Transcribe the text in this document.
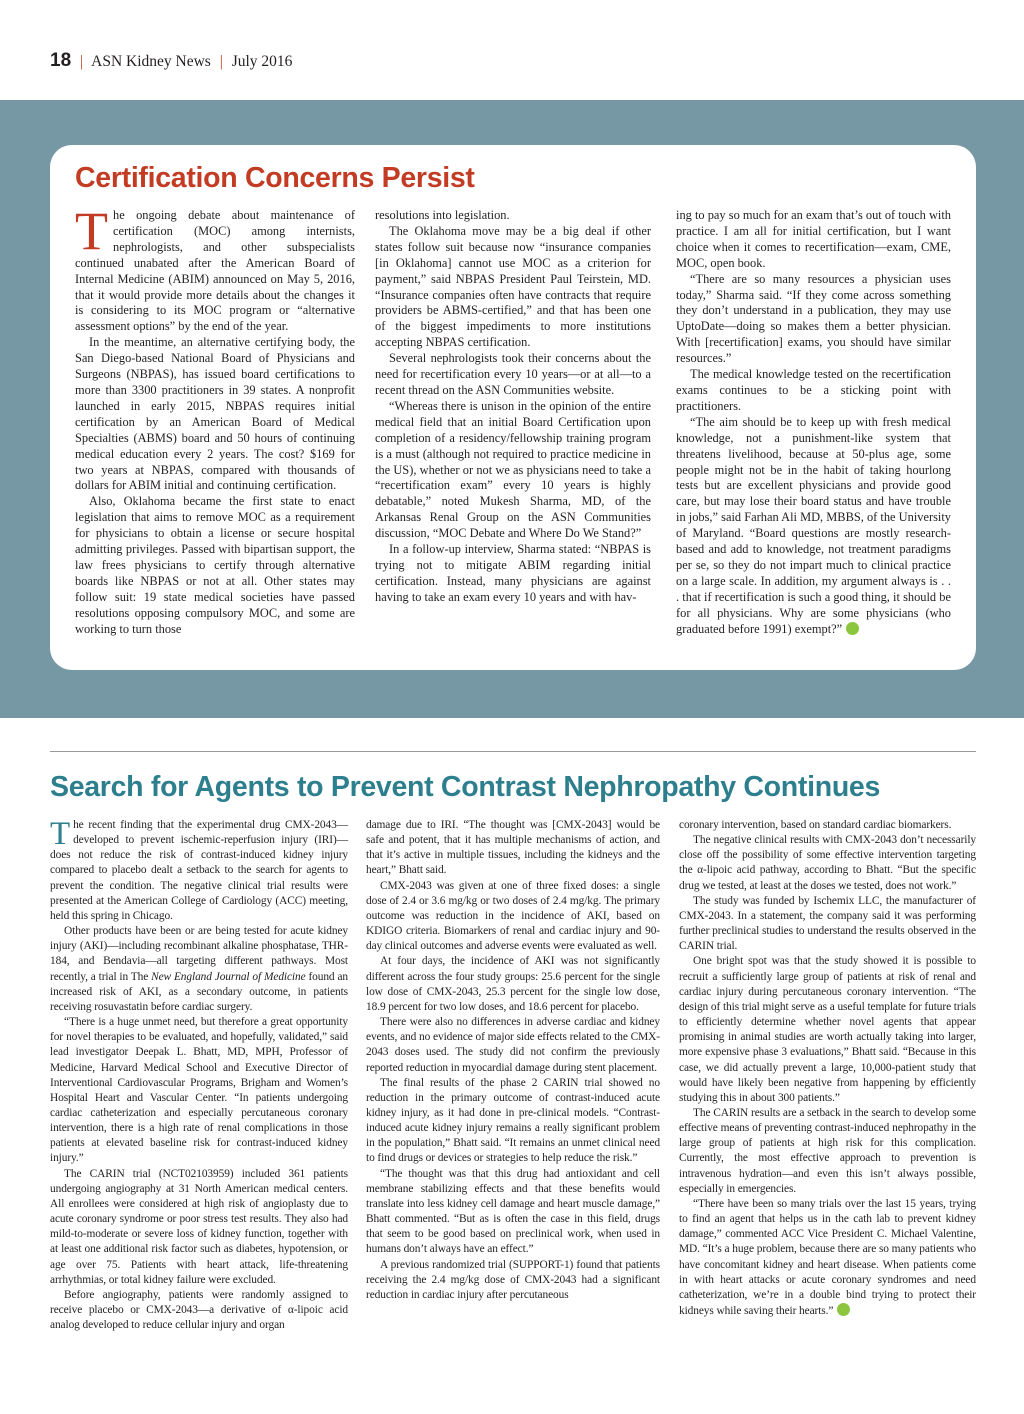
18 | ASN Kidney News | July 2016
Certification Concerns Persist

The ongoing debate about maintenance of certification (MOC) among internists, nephrologists, and other subspecialists continued unabated after the American Board of Internal Medicine (ABIM) announced on May 5, 2016, that it would provide more details about the changes it is considering to its MOC program or “alternative assessment options” by the end of the year.

In the meantime, an alternative certifying body, the San Diego-based National Board of Physicians and Surgeons (NBPAS), has issued board certifications to more than 3300 practitioners in 39 states. A nonprofit launched in early 2015, NBPAS requires initial certification by an American Board of Medical Specialties (ABMS) board and 50 hours of continuing medical education every 2 years. The cost? $169 for two years at NBPAS, compared with thousands of dollars for ABIM initial and continuing certification.

Also, Oklahoma became the first state to enact legislation that aims to remove MOC as a requirement for physicians to obtain a license or secure hospital admitting privileges. Passed with bipartisan support, the law frees physicians to certify through alternative boards like NBPAS or not at all. Other states may follow suit: 19 state medical societies have passed resolutions opposing compulsory MOC, and some are working to turn those

resolutions into legislation.

The Oklahoma move may be a big deal if other states follow suit because now “insurance companies [in Oklahoma] cannot use MOC as a criterion for payment,” said NBPAS President Paul Teirstein, MD. “Insurance companies often have contracts that require providers be ABMS-certified,” and that has been one of the biggest impediments to more institutions accepting NBPAS certification.

Several nephrologists took their concerns about the need for recertification every 10 years—or at all—to a recent thread on the ASN Communities website.

“Whereas there is unison in the opinion of the entire medical field that an initial Board Certification upon completion of a residency/fellowship training program is a must (although not required to practice medicine in the US), whether or not we as physicians need to take a “recertification exam” every 10 years is highly debatable,” noted Mukesh Sharma, MD, of the Arkansas Renal Group on the ASN Communities discussion, “MOC Debate and Where Do We Stand?”

In a follow-up interview, Sharma stated: “NBPAS is trying not to mitigate ABIM regarding initial certification. Instead, many physicians are against having to take an exam every 10 years and with hav-

ing to pay so much for an exam that’s out of touch with practice. I am all for initial certification, but I want choice when it comes to recertification—exam, CME, MOC, open book.

“There are so many resources a physician uses today,” Sharma said. “If they come across something they don’t understand in a publication, they may use UptoDate—doing so makes them a better physician. With [recertification] exams, you should have similar resources.”

The medical knowledge tested on the recertification exams continues to be a sticking point with practitioners.

“The aim should be to keep up with fresh medical knowledge, not a punishment-like system that threatens livelihood, because at 50-plus age, some people might not be in the habit of taking hourlong tests but are excellent physicians and provide good care, but may lose their board status and have trouble in jobs,” said Farhan Ali MD, MBBS, of the University of Maryland. “Board questions are mostly research-based and add to knowledge, not treatment paradigms per se, so they do not impart much to clinical practice on a large scale. In addition, my argument always is . . . that if recertification is such a good thing, it should be for all physicians. Why are some physicians (who graduated before 1991) exempt?”

Search for Agents to Prevent Contrast Nephropathy Continues

The recent finding that the experimental drug CMX-2043—developed to prevent ischemic-reperfusion injury (IRI)—does not reduce the risk of contrast-induced kidney injury compared to placebo dealt a setback to the search for agents to prevent the condition. The negative clinical trial results were presented at the American College of Cardiology (ACC) meeting, held this spring in Chicago.

Other products have been or are being tested for acute kidney injury (AKI)—including recombinant alkaline phosphatase, THR-184, and Bendavia—all targeting different pathways. Most recently, a trial in The New England Journal of Medicine found an increased risk of AKI, as a secondary outcome, in patients receiving rosuvastatin before cardiac surgery.

“There is a huge unmet need, but therefore a great opportunity for novel therapies to be evaluated, and hopefully, validated,” said lead investigator Deepak L. Bhatt, MD, MPH, Professor of Medicine, Harvard Medical School and Executive Director of Interventional Cardiovascular Programs, Brigham and Women’s Hospital Heart and Vascular Center. “In patients undergoing cardiac catheterization and especially percutaneous coronary intervention, there is a high rate of renal complications in those patients at elevated baseline risk for contrast-induced kidney injury.”

The CARIN trial (NCT02103959) included 361 patients undergoing angiography at 31 North American medical centers. All enrollees were considered at high risk of angioplasty due to acute coronary syndrome or poor stress test results. They also had mild-to-moderate or severe loss of kidney function, together with at least one additional risk factor such as diabetes, hypotension, or age over 75. Patients with heart attack, life-threatening arrhythmias, or total kidney failure were excluded.

Before angiography, patients were randomly assigned to receive placebo or CMX-2043—a derivative of α-lipoic acid analog developed to reduce cellular injury and organ

damage due to IRI. “The thought was [CMX-2043] would be safe and potent, that it has multiple mechanisms of action, and that it’s active in multiple tissues, including the kidneys and the heart,” Bhatt said.

CMX-2043 was given at one of three fixed doses: a single dose of 2.4 or 3.6 mg/kg or two doses of 2.4 mg/kg. The primary outcome was reduction in the incidence of AKI, based on KDIGO criteria. Biomarkers of renal and cardiac injury and 90-day clinical outcomes and adverse events were evaluated as well.

At four days, the incidence of AKI was not significantly different across the four study groups: 25.6 percent for the single low dose of CMX-2043, 25.3 percent for the single low dose, 18.9 percent for two low doses, and 18.6 percent for placebo.

There were also no differences in adverse cardiac and kidney events, and no evidence of major side effects related to the CMX-2043 doses used. The study did not confirm the previously reported reduction in myocardial damage during stent placement.

The final results of the phase 2 CARIN trial showed no reduction in the primary outcome of contrast-induced acute kidney injury, as it had done in pre-clinical models. “Contrast-induced acute kidney injury remains a really significant problem in the population,” Bhatt said. “It remains an unmet clinical need to find drugs or devices or strategies to help reduce the risk.”

“The thought was that this drug had antioxidant and cell membrane stabilizing effects and that these benefits would translate into less kidney cell damage and heart muscle damage,” Bhatt commented. “But as is often the case in this field, drugs that seem to be good based on preclinical work, when used in humans don’t always have an effect.”

A previous randomized trial (SUPPORT-1) found that patients receiving the 2.4 mg/kg dose of CMX-2043 had a significant reduction in cardiac injury after percutaneous

coronary intervention, based on standard cardiac biomarkers.

The negative clinical results with CMX-2043 don’t necessarily close off the possibility of some effective intervention targeting the α-lipoic acid pathway, according to Bhatt. “But the specific drug we tested, at least at the doses we tested, does not work.”

The study was funded by Ischemix LLC, the manufacturer of CMX-2043. In a statement, the company said it was performing further preclinical studies to understand the results observed in the CARIN trial.

One bright spot was that the study showed it is possible to recruit a sufficiently large group of patients at risk of renal and cardiac injury during percutaneous coronary intervention. “The design of this trial might serve as a useful template for future trials to efficiently determine whether novel agents that appear promising in animal studies are worth actually taking into larger, more expensive phase 3 evaluations,” Bhatt said. “Because in this case, we did actually prevent a large, 10,000-patient study that would have likely been negative from happening by efficiently studying this in about 300 patients.”

The CARIN results are a setback in the search to develop some effective means of preventing contrast-induced nephropathy in the large group of patients at high risk for this complication. Currently, the most effective approach to prevention is intravenous hydration—and even this isn’t always possible, especially in emergencies.

“There have been so many trials over the last 15 years, trying to find an agent that helps us in the cath lab to prevent kidney damage,” commented ACC Vice President C. Michael Valentine, MD. “It’s a huge problem, because there are so many patients who have concomitant kidney and heart disease. When patients come in with heart attacks or acute coronary syndromes and need catheterization, we’re in a double bind trying to protect their kidneys while saving their hearts.”
